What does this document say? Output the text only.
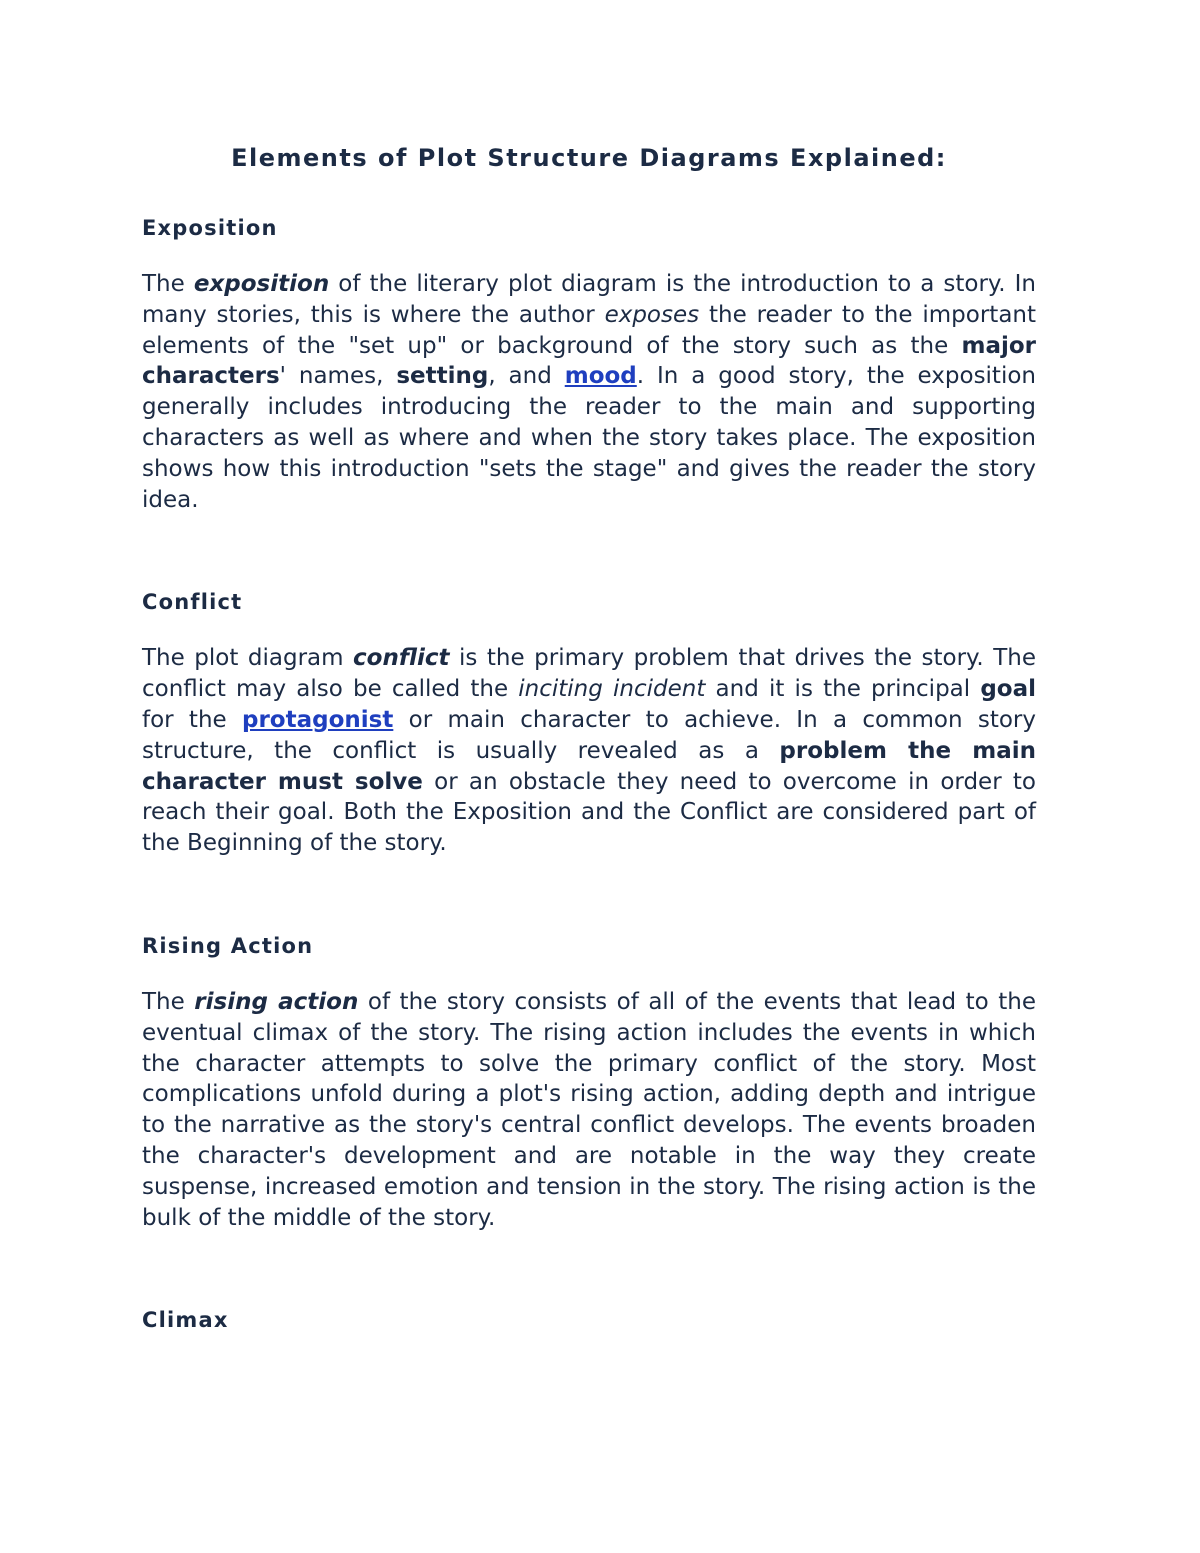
Elements of Plot Structure Diagrams Explained:
Exposition

The exposition of the literary plot diagram is the introduction to a story. In many stories, this is where the author exposes the reader to the important elements of the "set up" or background of the story such as the major characters' names, setting, and mood. In a good story, the exposition generally includes introducing the reader to the main and supporting characters as well as where and when the story takes place. The exposition shows how this introduction "sets the stage" and gives the reader the story idea.

Conflict

The plot diagram conflict is the primary problem that drives the story. The conflict may also be called the inciting incident and it is the principal goal for the protagonist or main character to achieve. In a common story structure, the conflict is usually revealed as a problem the main character must solve or an obstacle they need to overcome in order to reach their goal. Both the Exposition and the Conflict are considered part of the Beginning of the story.

Rising Action

The rising action of the story consists of all of the events that lead to the eventual climax of the story. The rising action includes the events in which the character attempts to solve the primary conflict of the story. Most complications unfold during a plot's rising action, adding depth and intrigue to the narrative as the story's central conflict develops. The events broaden the character's development and are notable in the way they create suspense, increased emotion and tension in the story. The rising action is the bulk of the middle of the story.

Climax
